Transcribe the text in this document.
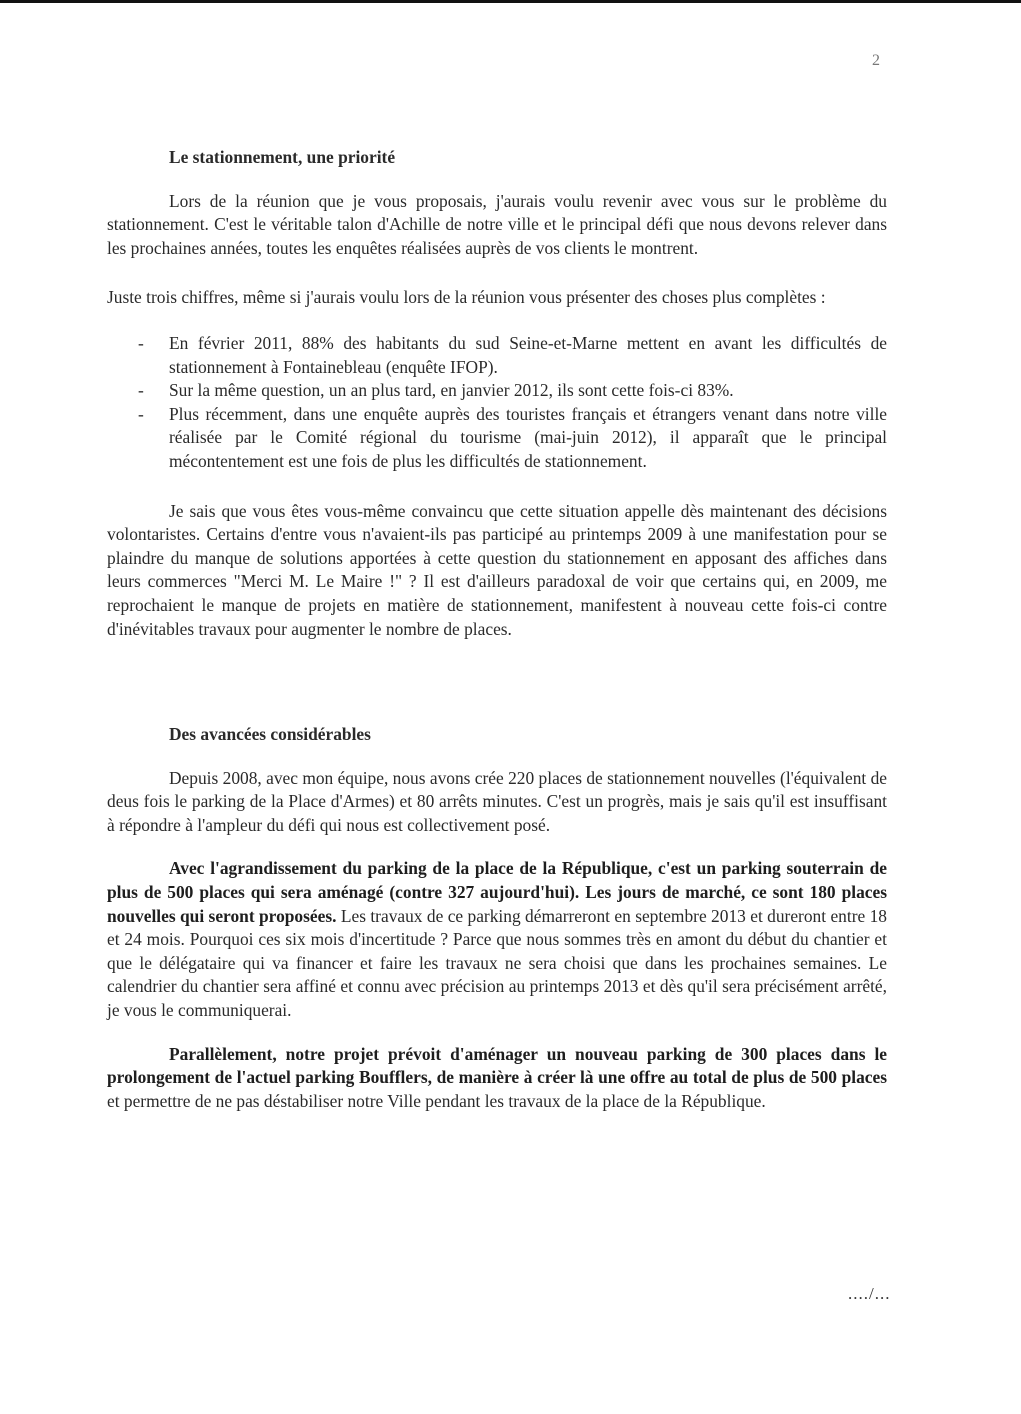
2
Le stationnement, une priorité

Lors de la réunion que je vous proposais, j'aurais voulu revenir avec vous sur le problème du stationnement. C'est le véritable talon d'Achille de notre ville et le principal défi que nous devons relever dans les prochaines années, toutes les enquêtes réalisées auprès de vos clients le montrent.

Juste trois chiffres, même si j'aurais voulu lors de la réunion vous présenter des choses plus complètes :

- En février 2011, 88% des habitants du sud Seine-et-Marne mettent en avant les difficultés de stationnement à Fontainebleau (enquête IFOP).
- Sur la même question, un an plus tard, en janvier 2012, ils sont cette fois-ci 83%.
- Plus récemment, dans une enquête auprès des touristes français et étrangers venant dans notre ville réalisée par le Comité régional du tourisme (mai-juin 2012), il apparaît que le principal mécontentement est une fois de plus les difficultés de stationnement.

Je sais que vous êtes vous-même convaincu que cette situation appelle dès maintenant des décisions volontaristes. Certains d'entre vous n'avaient-ils pas participé au printemps 2009 à une manifestation pour se plaindre du manque de solutions apportées à cette question du stationnement en apposant des affiches dans leurs commerces "Merci M. Le Maire !" ? Il est d'ailleurs paradoxal de voir que certains qui, en 2009, me reprochaient le manque de projets en matière de stationnement, manifestent à nouveau cette fois-ci contre d'inévitables travaux pour augmenter le nombre de places.

Des avancées considérables

Depuis 2008, avec mon équipe, nous avons crée 220 places de stationnement nouvelles (l'équivalent de deus fois le parking de la Place d'Armes) et 80 arrêts minutes. C'est un progrès, mais je sais qu'il est insuffisant à répondre à l'ampleur du défi qui nous est collectivement posé.

Avec l'agrandissement du parking de la place de la République, c'est un parking souterrain de plus de 500 places qui sera aménagé (contre 327 aujourd'hui). Les jours de marché, ce sont 180 places nouvelles qui seront proposées. Les travaux de ce parking démarreront en septembre 2013 et dureront entre 18 et 24 mois. Pourquoi ces six mois d'incertitude ? Parce que nous sommes très en amont du début du chantier et que le délégataire qui va financer et faire les travaux ne sera choisi que dans les prochaines semaines. Le calendrier du chantier sera affiné et connu avec précision au printemps 2013 et dès qu'il sera précisément arrêté, je vous le communiquerai.

Parallèlement, notre projet prévoit d'aménager un nouveau parking de 300 places dans le prolongement de l'actuel parking Boufflers, de manière à créer là une offre au total de plus de 500 places et permettre de ne pas déstabiliser notre Ville pendant les travaux de la place de la République.

..../...
